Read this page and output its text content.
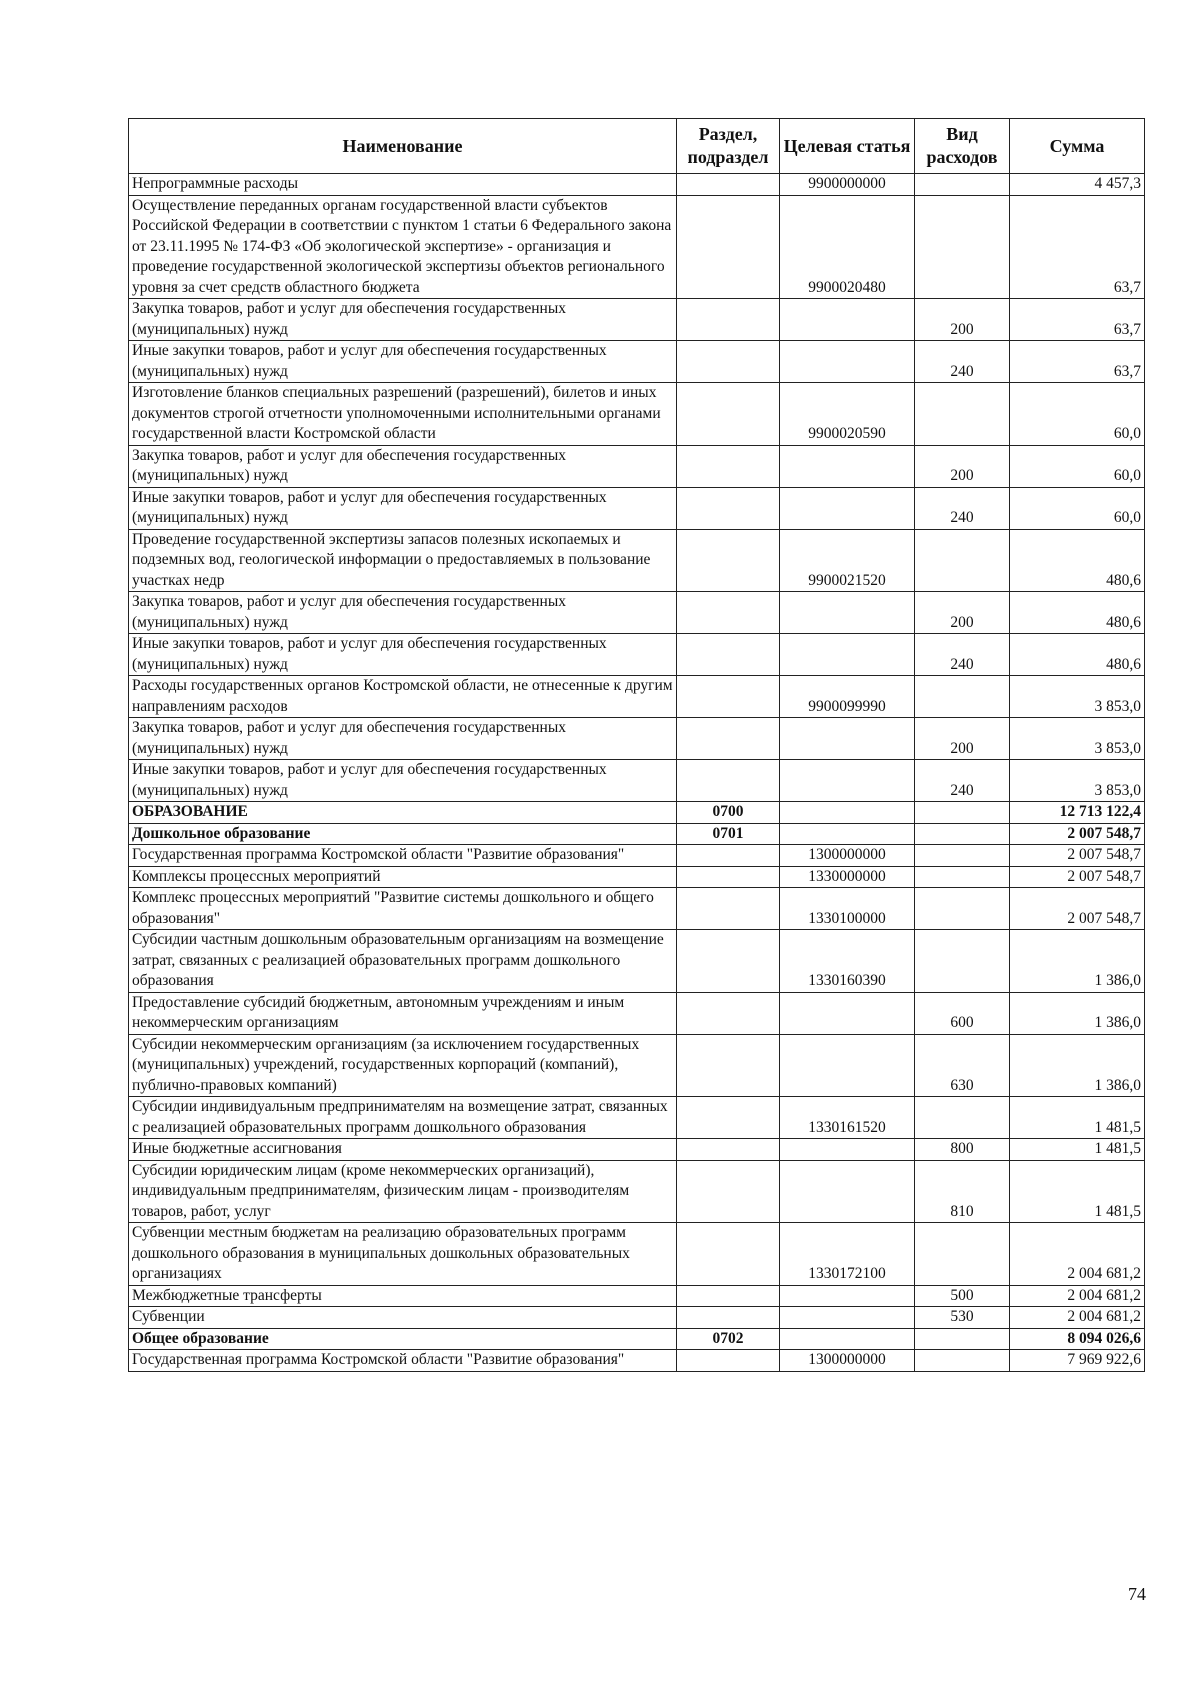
Наименование	Раздел, подраздел	Целевая статья	Вид расходов	Сумма
Непрограммные расходы		9900000000		4 457,3
Осуществление переданных органам государственной власти субъектов Российской Федерации в соответствии с пунктом 1 статьи 6 Федерального закона от 23.11.1995 № 174-ФЗ «Об экологической экспертизе» - организация и проведение государственной экологической экспертизы объектов регионального уровня за счет средств областного бюджета		9900020480		63,7
Закупка товаров, работ и услуг для обеспечения государственных (муниципальных) нужд			200	63,7
Иные закупки товаров, работ и услуг для обеспечения государственных (муниципальных) нужд			240	63,7
Изготовление бланков специальных разрешений (разрешений), билетов и иных документов строгой отчетности уполномоченными исполнительными органами государственной власти Костромской области		9900020590		60,0
Закупка товаров, работ и услуг для обеспечения государственных (муниципальных) нужд			200	60,0
Иные закупки товаров, работ и услуг для обеспечения государственных (муниципальных) нужд			240	60,0
Проведение государственной экспертизы запасов полезных ископаемых и подземных вод, геологической информации о предоставляемых в пользование участках недр		9900021520		480,6
Закупка товаров, работ и услуг для обеспечения государственных (муниципальных) нужд			200	480,6
Иные закупки товаров, работ и услуг для обеспечения государственных (муниципальных) нужд			240	480,6
Расходы государственных органов Костромской области, не отнесенные к другим направлениям расходов		9900099990		3 853,0
Закупка товаров, работ и услуг для обеспечения государственных (муниципальных) нужд			200	3 853,0
Иные закупки товаров, работ и услуг для обеспечения государственных (муниципальных) нужд			240	3 853,0
ОБРАЗОВАНИЕ	0700			12 713 122,4
Дошкольное образование	0701			2 007 548,7
Государственная программа Костромской области "Развитие образования"		1300000000		2 007 548,7
Комплексы процессных мероприятий		1330000000		2 007 548,7
Комплекс процессных мероприятий "Развитие системы дошкольного и общего образования"		1330100000		2 007 548,7
Субсидии частным дошкольным образовательным организациям на возмещение затрат, связанных с реализацией образовательных программ дошкольного образования		1330160390		1 386,0
Предоставление субсидий бюджетным, автономным учреждениям и иным некоммерческим организациям			600	1 386,0
Субсидии некоммерческим организациям (за исключением государственных (муниципальных) учреждений, государственных корпораций (компаний), публично-правовых компаний)			630	1 386,0
Субсидии индивидуальным предпринимателям на возмещение затрат, связанных с реализацией образовательных программ дошкольного образования		1330161520		1 481,5
Иные бюджетные ассигнования			800	1 481,5
Субсидии юридическим лицам (кроме некоммерческих организаций), индивидуальным предпринимателям, физическим лицам - производителям товаров, работ, услуг			810	1 481,5
Субвенции местным бюджетам на реализацию образовательных программ дошкольного образования в муниципальных дошкольных образовательных организациях		1330172100		2 004 681,2
Межбюджетные трансферты			500	2 004 681,2
Субвенции			530	2 004 681,2
Общее образование	0702			8 094 026,6
Государственная программа Костромской области "Развитие образования"		1300000000		7 969 922,6
74
